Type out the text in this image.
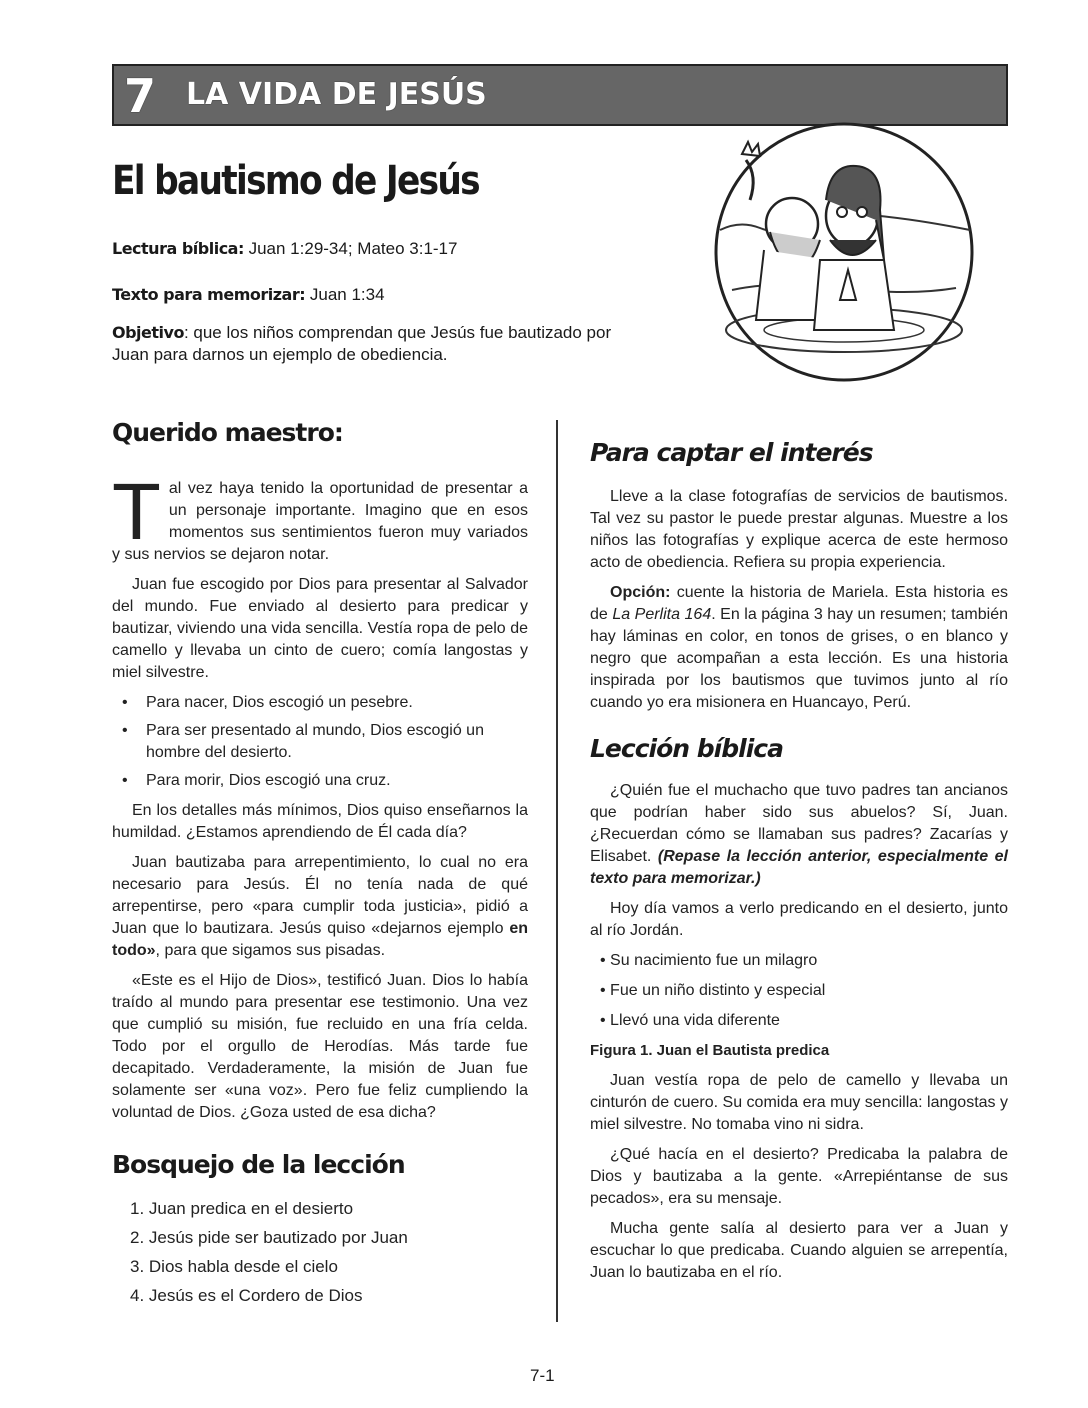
7 LA VIDA DE JESÚS
El bautismo de Jesús
Lectura bíblica: Juan 1:29-34; Mateo 3:1-17
Texto para memorizar: Juan 1:34
Objetivo: que los niños comprendan que Jesús fue bautizado por Juan para darnos un ejemplo de obediencia.
Querido maestro:

Tal vez haya tenido la oportunidad de presentar a un personaje importante. Imagino que en esos momentos sus sentimientos fueron muy variados y sus nervios se dejaron notar.

Juan fue escogido por Dios para presentar al Salvador del mundo. Fue enviado al desierto para predicar y bautizar, viviendo una vida sencilla. Vestía ropa de pelo de camello y llevaba un cinto de cuero; comía langostas y miel silvestre.

• Para nacer, Dios escogió un pesebre.
• Para ser presentado al mundo, Dios escogió un hombre del desierto.
• Para morir, Dios escogió una cruz.

En los detalles más mínimos, Dios quiso enseñarnos la humildad. ¿Estamos aprendiendo de Él cada día?

Juan bautizaba para arrepentimiento, lo cual no era necesario para Jesús. Él no tenía nada de qué arrepentirse, pero «para cumplir toda justicia», pidió a Juan que lo bautizara. Jesús quiso «dejarnos ejemplo en todo», para que sigamos sus pisadas.

«Este es el Hijo de Dios», testificó Juan. Dios lo había traído al mundo para presentar ese testimonio. Una vez que cumplió su misión, fue recluido en una fría celda. Todo por el orgullo de Herodías. Más tarde fue decapitado. Verdaderamente, la misión de Juan fue solamente ser «una voz». Pero fue feliz cumpliendo la voluntad de Dios. ¿Goza usted de esa dicha?

Bosquejo de la lección
1. Juan predica en el desierto
2. Jesús pide ser bautizado por Juan
3. Dios habla desde el cielo
4. Jesús es el Cordero de Dios
Para captar el interés

Lleve a la clase fotografías de servicios de bautismos. Tal vez su pastor le puede prestar algunas. Muestre a los niños las fotografías y explique acerca de este hermoso acto de obediencia. Refiera su propia experiencia.

Opción: cuente la historia de Mariela. Esta historia es de La Perlita 164. En la página 3 hay un resumen; también hay láminas en color, en tonos de grises, o en blanco y negro que acompañan a esta lección. Es una historia inspirada por los bautismos que tuvimos junto al río cuando yo era misionera en Huancayo, Perú.

Lección bíblica

¿Quién fue el muchacho que tuvo padres tan ancianos que podrían haber sido sus abuelos? Sí, Juan. ¿Recuerdan cómo se llamaban sus padres? Zacarías y Elisabet. (Repase la lección anterior, especialmente el texto para memorizar.)

Hoy día vamos a verlo predicando en el desierto, junto al río Jordán.

• Su nacimiento fue un milagro
• Fue un niño distinto y especial
• Llevó una vida diferente

Figura 1. Juan el Bautista predica

Juan vestía ropa de pelo de camello y llevaba un cinturón de cuero. Su comida era muy sencilla: langostas y miel silvestre. No tomaba vino ni sidra.

¿Qué hacía en el desierto? Predicaba la palabra de Dios y bautizaba a la gente. «Arrepiéntanse de sus pecados», era su mensaje.

Mucha gente salía al desierto para ver a Juan y escuchar lo que predicaba. Cuando alguien se arrepentía, Juan lo bautizaba en el río.

7-1
